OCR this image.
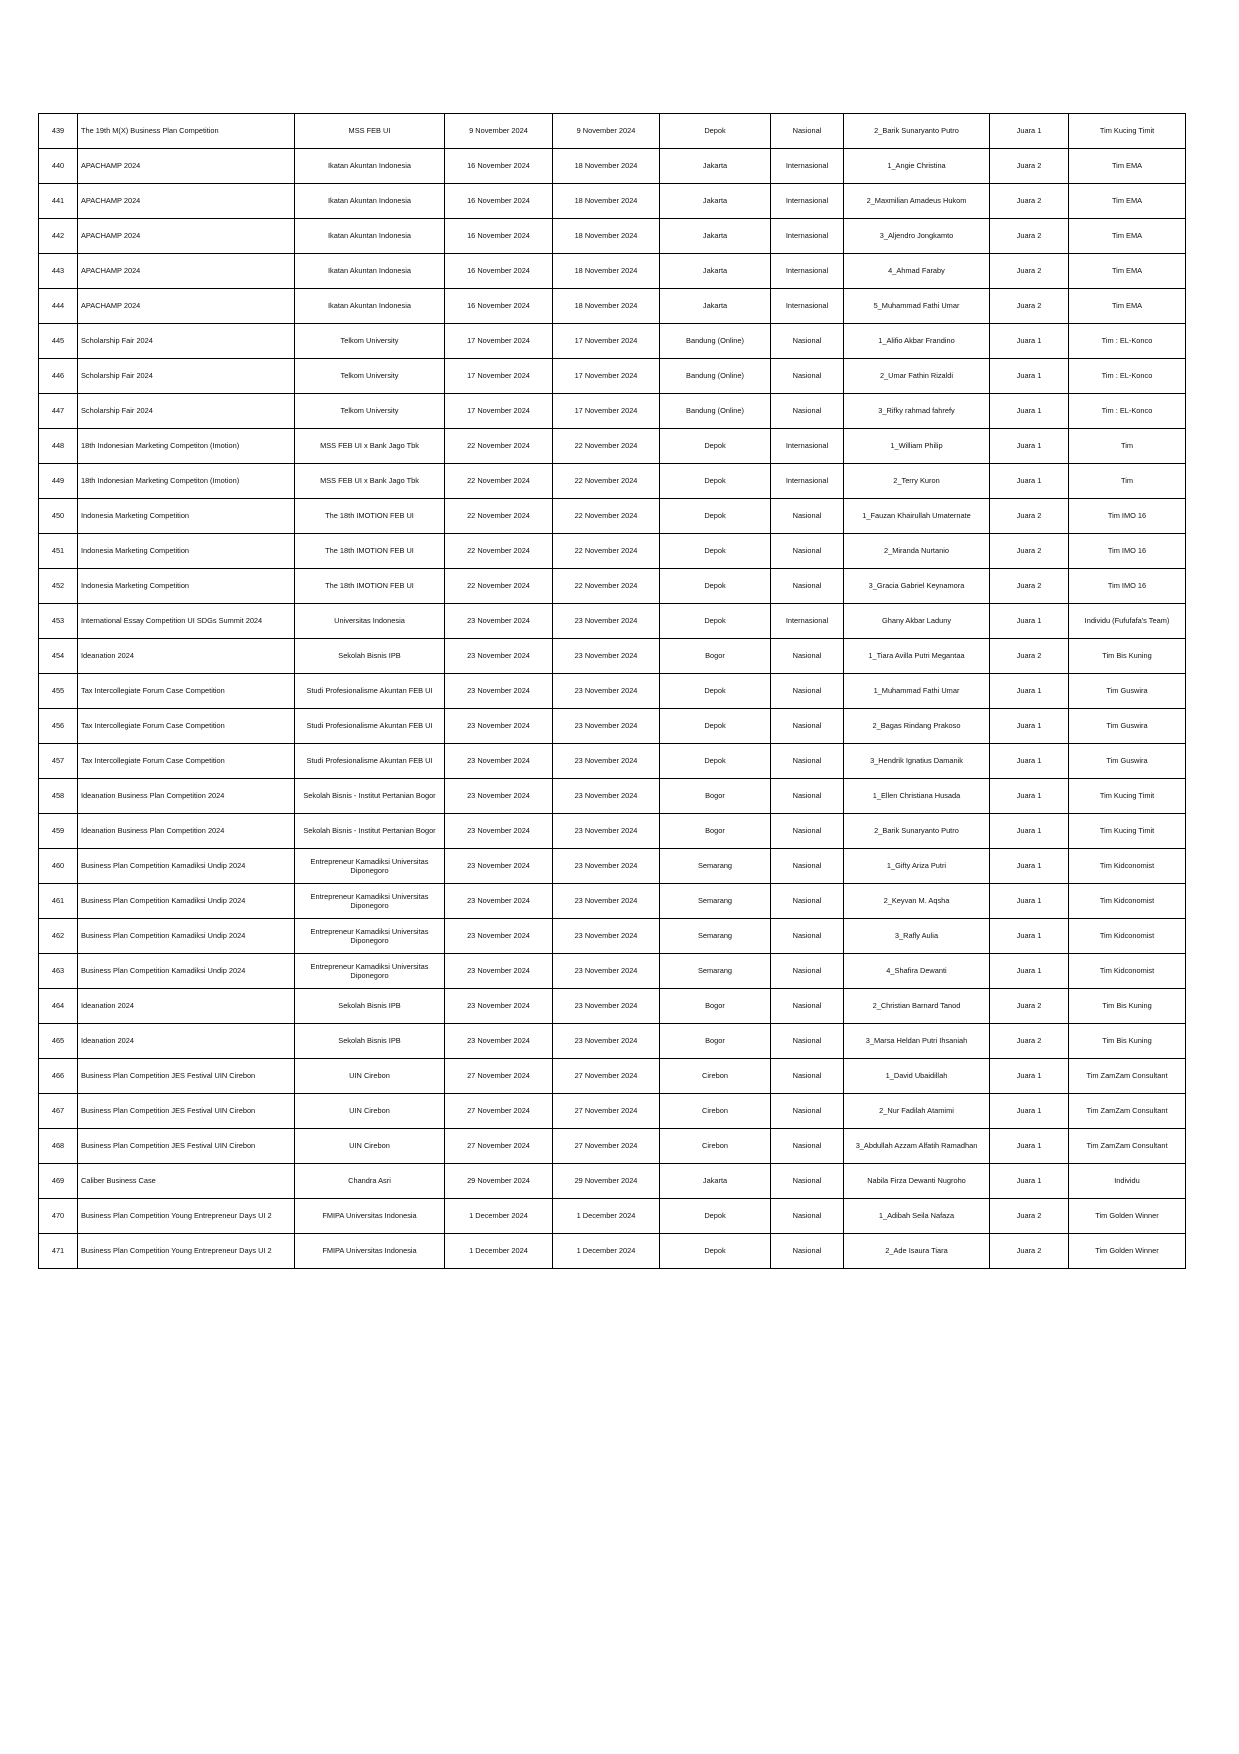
439	The 19th M(X) Business Plan Competition	MSS FEB UI	9 November 2024	9 November 2024	Depok	Nasional	2_Barik Sunaryanto Putro	Juara 1	Tim Kucing Timit
440	APACHAMP 2024	Ikatan Akuntan Indonesia	16 November 2024	18 November 2024	Jakarta	Internasional	1_Angie Christina	Juara 2	Tim EMA
441	APACHAMP 2024	Ikatan Akuntan Indonesia	16 November 2024	18 November 2024	Jakarta	Internasional	2_Maxmilian Amadeus Hukom	Juara 2	Tim EMA
442	APACHAMP 2024	Ikatan Akuntan Indonesia	16 November 2024	18 November 2024	Jakarta	Internasional	3_Aljendro Jongkamto	Juara 2	Tim EMA
443	APACHAMP 2024	Ikatan Akuntan Indonesia	16 November 2024	18 November 2024	Jakarta	Internasional	4_Ahmad Faraby	Juara 2	Tim EMA
444	APACHAMP 2024	Ikatan Akuntan Indonesia	16 November 2024	18 November 2024	Jakarta	Internasional	5_Muhammad Fathi Umar	Juara 2	Tim EMA
445	Scholarship Fair 2024	Telkom University	17 November 2024	17 November 2024	Bandung (Online)	Nasional	1_Alifio Akbar Frandino	Juara 1	Tim : EL-Konco
446	Scholarship Fair 2024	Telkom University	17 November 2024	17 November 2024	Bandung (Online)	Nasional	2_Umar Fathin Rizaldi	Juara 1	Tim : EL-Konco
447	Scholarship Fair 2024	Telkom University	17 November 2024	17 November 2024	Bandung (Online)	Nasional	3_Rifky rahmad fahrefy	Juara 1	Tim : EL-Konco
448	18th Indonesian Marketing Competiton (Imotion)	MSS FEB UI x Bank Jago Tbk	22 November 2024	22 November 2024	Depok	Internasional	1_William Philip	Juara 1	Tim
449	18th Indonesian Marketing Competiton (Imotion)	MSS FEB UI x Bank Jago Tbk	22 November 2024	22 November 2024	Depok	Internasional	2_Terry Kuron	Juara 1	Tim
450	Indonesia Marketing Competition	The 18th IMOTION FEB UI	22 November 2024	22 November 2024	Depok	Nasional	1_Fauzan Khairullah Umaternate	Juara 2	Tim IMO 16
451	Indonesia Marketing Competition	The 18th IMOTION FEB UI	22 November 2024	22 November 2024	Depok	Nasional	2_Miranda Nurtanio	Juara 2	Tim IMO 16
452	Indonesia Marketing Competition	The 18th IMOTION FEB UI	22 November 2024	22 November 2024	Depok	Nasional	3_Gracia Gabriel Keynamora	Juara 2	Tim IMO 16
453	International Essay Competition UI SDGs Summit 2024	Universitas Indonesia	23 November 2024	23 November 2024	Depok	Internasional	Ghany Akbar Laduny	Juara 1	Individu (Fufufafa's Team)
454	Ideanation 2024	Sekolah Bisnis IPB	23 November 2024	23 November 2024	Bogor	Nasional	1_Tiara Avilla Putri Megantaa	Juara 2	Tim Bis Kuning
455	Tax Intercollegiate Forum Case Competition	Studi Profesionalisme Akuntan FEB UI	23 November 2024	23 November 2024	Depok	Nasional	1_Muhammad Fathi Umar	Juara 1	Tim Guswira
456	Tax Intercollegiate Forum Case Competition	Studi Profesionalisme Akuntan FEB UI	23 November 2024	23 November 2024	Depok	Nasional	2_Bagas Rindang Prakoso	Juara 1	Tim Guswira
457	Tax Intercollegiate Forum Case Competition	Studi Profesionalisme Akuntan FEB UI	23 November 2024	23 November 2024	Depok	Nasional	3_Hendrik Ignatius Damanik	Juara 1	Tim Guswira
458	Ideanation Business Plan Competition 2024	Sekolah Bisnis - Institut Pertanian Bogor	23 November 2024	23 November 2024	Bogor	Nasional	1_Ellen Christiana Husada	Juara 1	Tim Kucing Timit
459	Ideanation Business Plan Competition 2024	Sekolah Bisnis - Institut Pertanian Bogor	23 November 2024	23 November 2024	Bogor	Nasional	2_Barik Sunaryanto Putro	Juara 1	Tim Kucing Timit
460	Business Plan Competition Kamadiksi Undip 2024	Entrepreneur Kamadiksi Universitas Diponegoro	23 November 2024	23 November 2024	Semarang	Nasional	1_Gifty Ariza Putri	Juara 1	Tim Kidconomist
461	Business Plan Competition Kamadiksi Undip 2024	Entrepreneur Kamadiksi Universitas Diponegoro	23 November 2024	23 November 2024	Semarang	Nasional	2_Keyvan M. Aqsha	Juara 1	Tim Kidconomist
462	Business Plan Competition Kamadiksi Undip 2024	Entrepreneur Kamadiksi Universitas Diponegoro	23 November 2024	23 November 2024	Semarang	Nasional	3_Rafly Aulia	Juara 1	Tim Kidconomist
463	Business Plan Competition Kamadiksi Undip 2024	Entrepreneur Kamadiksi Universitas Diponegoro	23 November 2024	23 November 2024	Semarang	Nasional	4_Shafira Dewanti	Juara 1	Tim Kidconomist
464	Ideanation 2024	Sekolah Bisnis IPB	23 November 2024	23 November 2024	Bogor	Nasional	2_Christian Barnard Tanod	Juara 2	Tim Bis Kuning
465	Ideanation 2024	Sekolah Bisnis IPB	23 November 2024	23 November 2024	Bogor	Nasional	3_Marsa Heldan Putri Ihsaniah	Juara 2	Tim Bis Kuning
466	Business Plan Competition JES Festival UIN Cirebon	UIN Cirebon	27 November 2024	27 November 2024	Cirebon	Nasional	1_David Ubaidillah	Juara 1	Tim ZamZam Consultant
467	Business Plan Competition JES Festival UIN Cirebon	UIN Cirebon	27 November 2024	27 November 2024	Cirebon	Nasional	2_Nur Fadilah Atamimi	Juara 1	Tim ZamZam Consultant
468	Business Plan Competition JES Festival UIN Cirebon	UIN Cirebon	27 November 2024	27 November 2024	Cirebon	Nasional	3_Abdullah Azzam Alfatih Ramadhan	Juara 1	Tim ZamZam Consultant
469	Caliber Business Case	Chandra Asri	29 November 2024	29 November 2024	Jakarta	Nasional	Nabila Firza Dewanti Nugroho	Juara 1	Individu
470	Business Plan Competition Young Entrepreneur Days UI 2	FMIPA Universitas Indonesia	1 December 2024	1 December 2024	Depok	Nasional	1_Adibah Seila Nafaza	Juara 2	Tim Golden Winner
471	Business Plan Competition Young Entrepreneur Days UI 2	FMIPA Universitas Indonesia	1 December 2024	1 December 2024	Depok	Nasional	2_Ade Isaura Tiara	Juara 2	Tim Golden Winner
